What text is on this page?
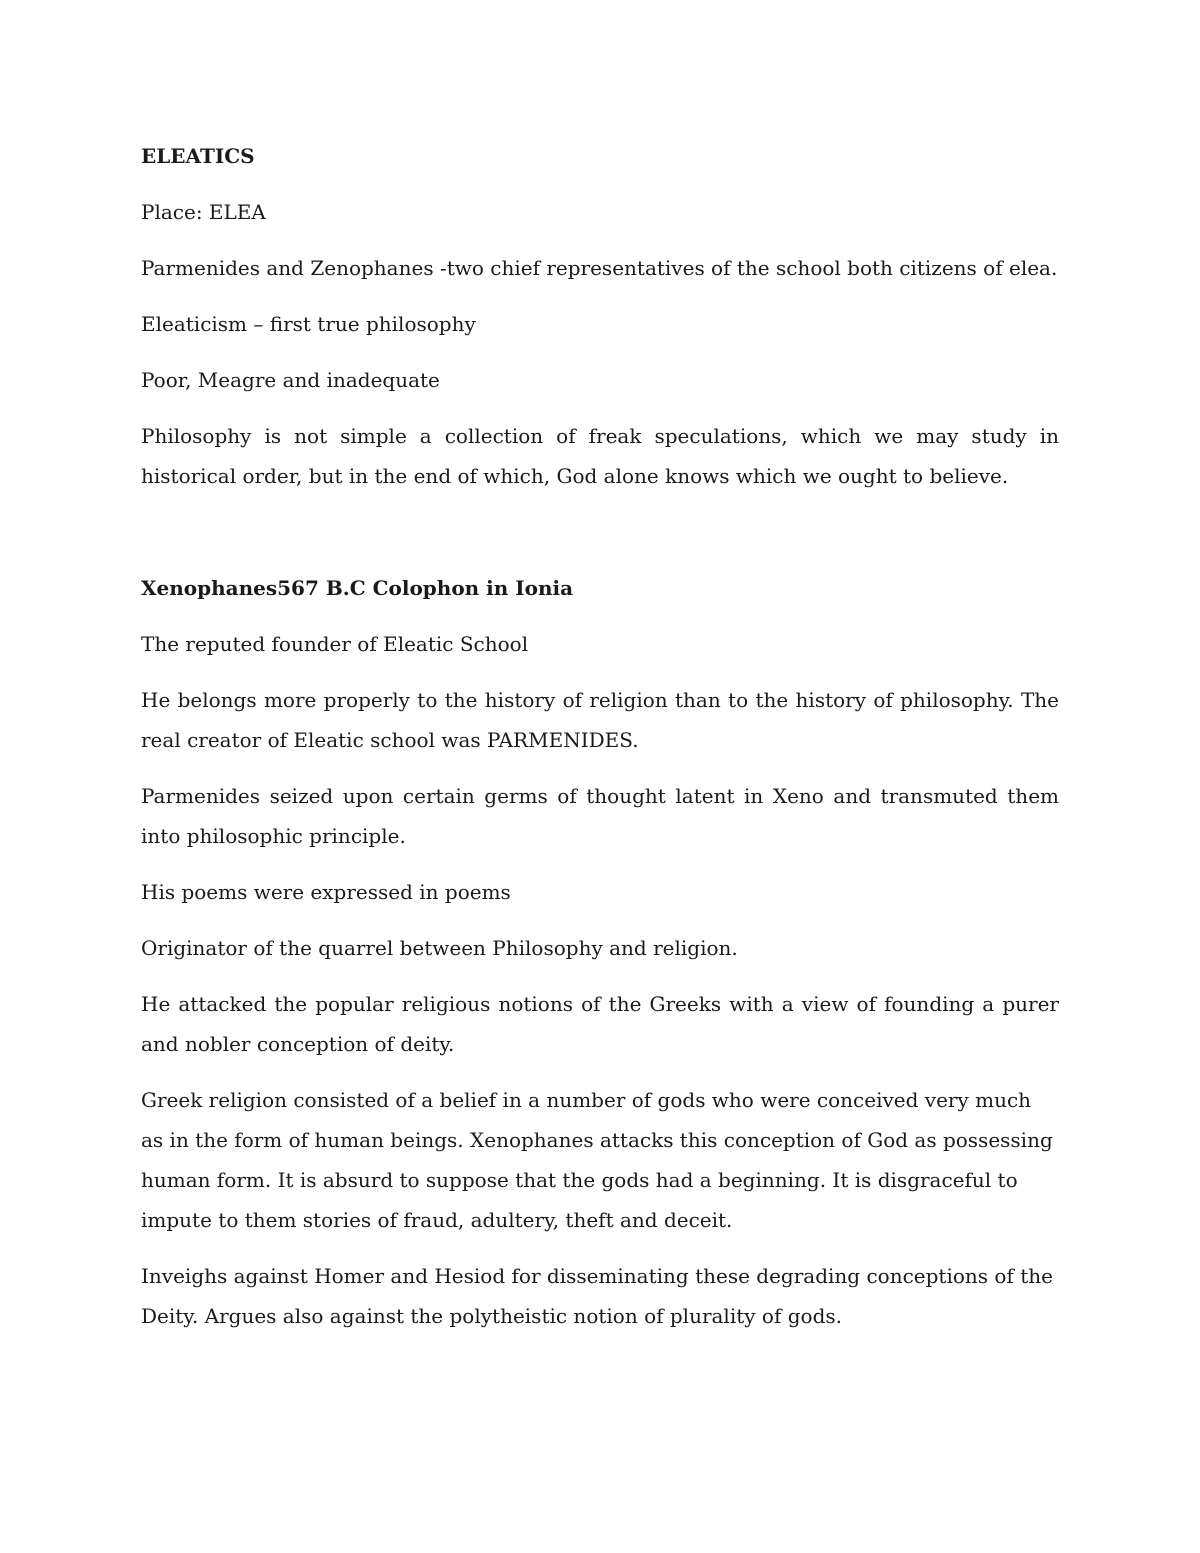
ELEATICS
Place: ELEA
Parmenides and Zenophanes -two chief representatives of the school both citizens of elea.
Eleaticism – first true philosophy
Poor, Meagre and inadequate
Philosophy is not simple a collection of freak speculations, which we may study in historical order, but in the end of which, God alone knows which we ought to believe.
Xenophanes567 B.C Colophon in Ionia
The reputed founder of Eleatic School
He belongs more properly to the history of religion than to the history of philosophy. The real creator of Eleatic school was PARMENIDES.
Parmenides seized upon certain germs of thought latent in Xeno and transmuted them into philosophic principle.
His poems were expressed in poems
Originator of the quarrel between Philosophy and religion.
He attacked the popular religious notions of the Greeks with a view of founding a purer and nobler conception of deity.
Greek religion consisted of a belief in a number of gods who were conceived very much as in the form of human beings. Xenophanes attacks this conception of God as possessing human form. It is absurd to suppose that the gods had a beginning. It is disgraceful to impute to them stories of fraud, adultery, theft and deceit.
Inveighs against Homer and Hesiod for disseminating these degrading conceptions of the Deity. Argues also against the polytheistic notion of plurality of gods.
